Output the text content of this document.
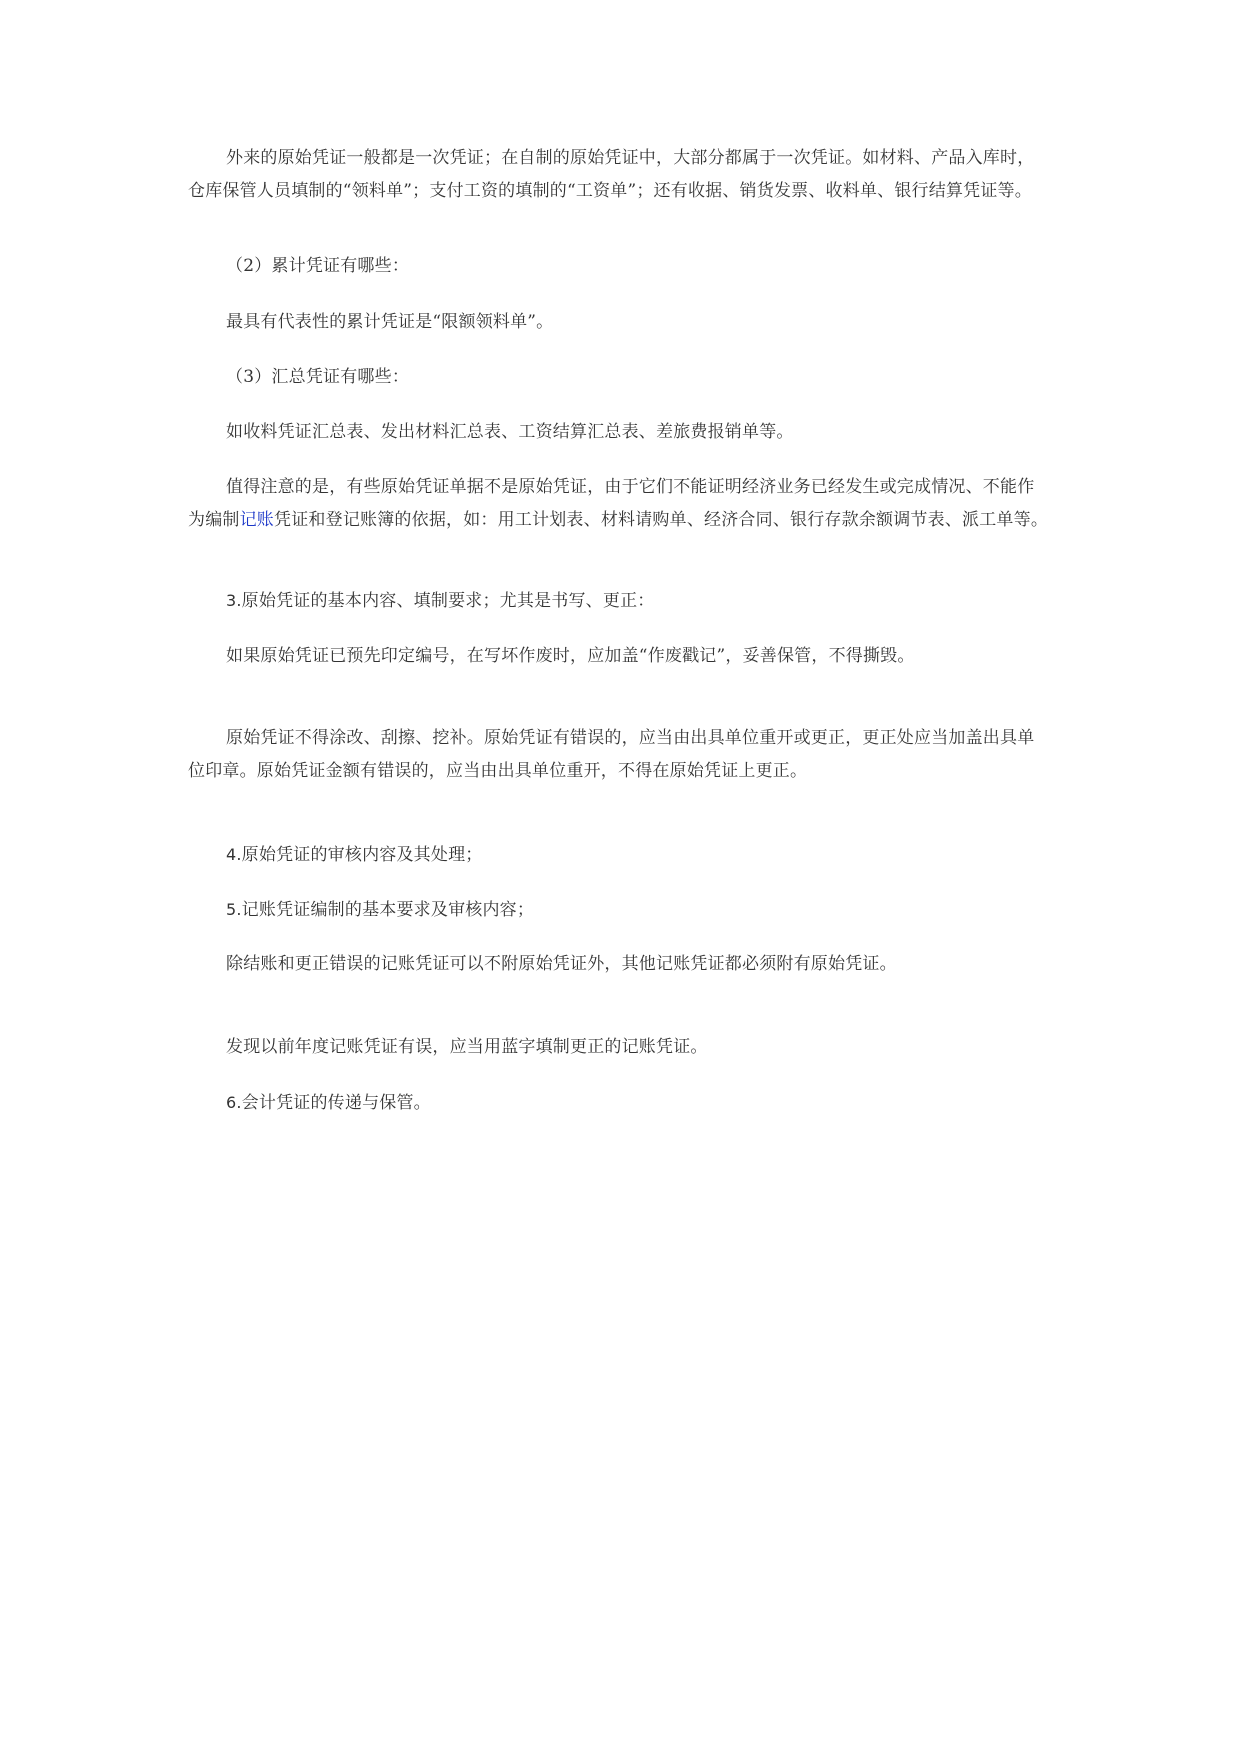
外来的原始凭证一般都是一次凭证；在自制的原始凭证中，大部分都属于一次凭证。如材料、产品入库时，仓库保管人员填制的“领料单”；支付工资的填制的“工资单”；还有收据、销货发票、收料单、银行结算凭证等。

（2）累计凭证有哪些：

最具有代表性的累计凭证是“限额领料单”。

（3）汇总凭证有哪些：

如收料凭证汇总表、发出材料汇总表、工资结算汇总表、差旅费报销单等。

值得注意的是，有些原始凭证单据不是原始凭证，由于它们不能证明经济业务已经发生或完成情况、不能作为编制记账凭证和登记账簿的依据，如：用工计划表、材料请购单、经济合同、银行存款余额调节表、派工单等。

3.原始凭证的基本内容、填制要求；尤其是书写、更正：

如果原始凭证已预先印定编号，在写坏作废时，应加盖“作废戳记”，妥善保管，不得撕毁。

原始凭证不得涂改、刮擦、挖补。原始凭证有错误的，应当由出具单位重开或更正，更正处应当加盖出具单位印章。原始凭证金额有错误的，应当由出具单位重开，不得在原始凭证上更正。

4.原始凭证的审核内容及其处理；

5.记账凭证编制的基本要求及审核内容；

除结账和更正错误的记账凭证可以不附原始凭证外，其他记账凭证都必须附有原始凭证。

发现以前年度记账凭证有误，应当用蓝字填制更正的记账凭证。

6.会计凭证的传递与保管。
